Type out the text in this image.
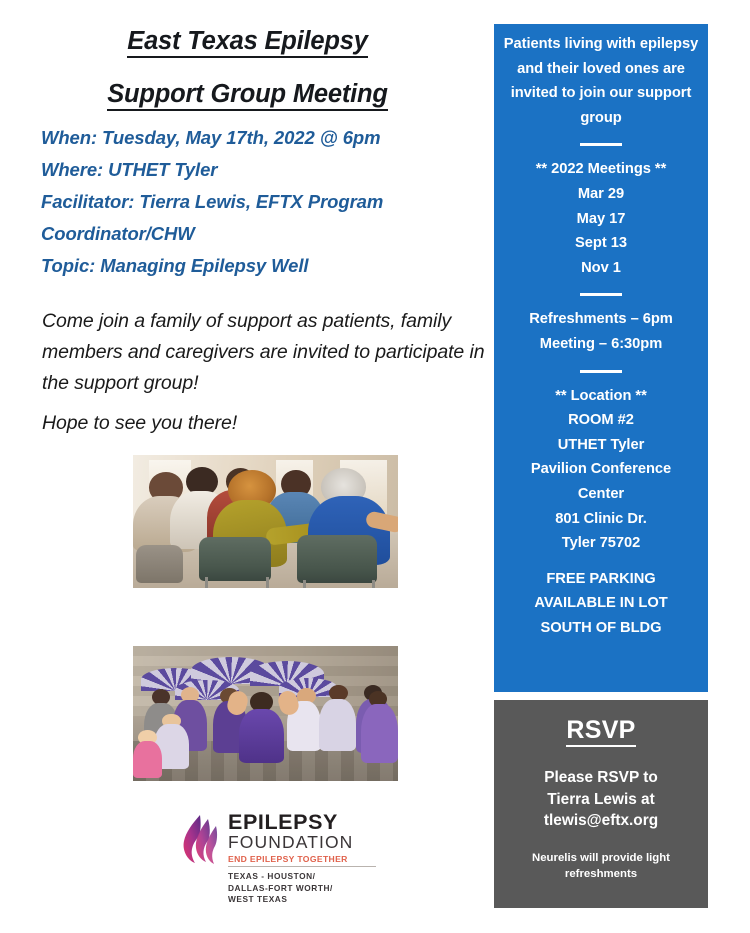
East Texas Epilepsy
Support Group Meeting
When: Tuesday, May 17th, 2022 @ 6pm
Where: UTHET Tyler
Facilitator: Tierra Lewis, EFTX Program
Coordinator/CHW
Topic: Managing Epilepsy Well
Come join a family of support as patients, family members and caregivers are invited to participate in the support group!
Hope to see you there!
EPILEPSY
FOUNDATION
END EPILEPSY TOGETHER
TEXAS - HOUSTON/
DALLAS-FORT WORTH/
WEST TEXAS
Patients living with epilepsy and their loved ones are invited to join our support group
** 2022 Meetings **
Mar 29
May 17
Sept 13
Nov 1
Refreshments – 6pm
Meeting – 6:30pm
** Location **
ROOM #2
UTHET Tyler
Pavilion Conference
Center
801 Clinic Dr.
Tyler 75702
FREE PARKING
AVAILABLE IN LOT
SOUTH OF BLDG
RSVP
Please RSVP to
Tierra Lewis at
tlewis@eftx.org
Neurelis will provide light
refreshments
